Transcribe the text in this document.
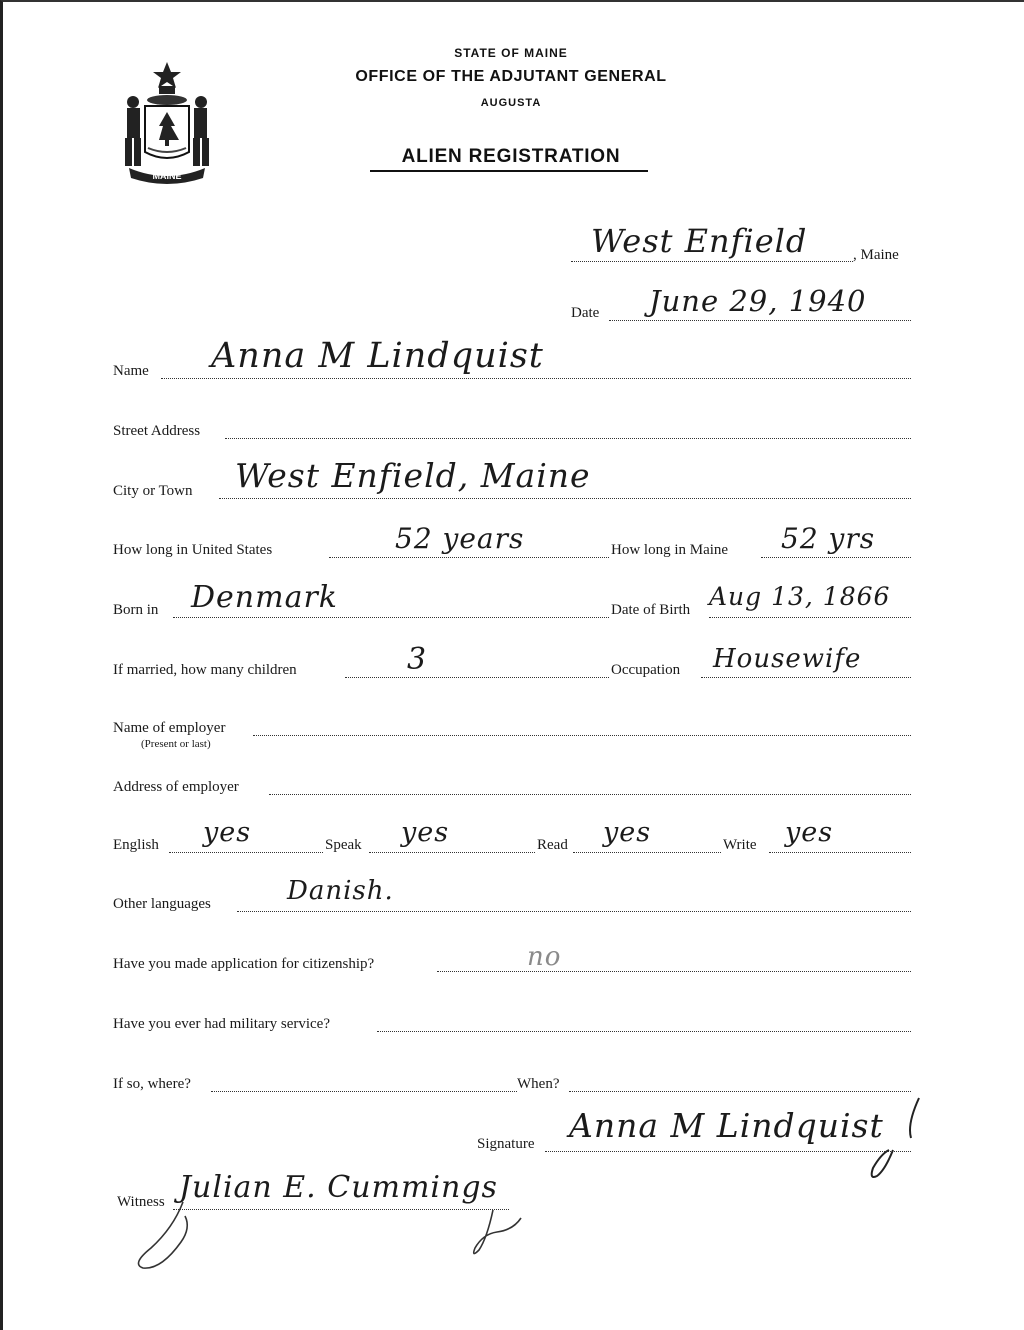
MAINE
STATE OF MAINE
OFFICE OF THE ADJUTANT GENERAL
AUGUSTA
ALIEN REGISTRATION
West Enfield	, Maine
Date June 29, 1940
Name Anna M Lindquist
Street Address
City or Town West Enfield, Maine
How long in United States	52 years	How long in Maine 52 yrs
Born in Denmark	Date of Birth Aug 13, 1866
If married, how many children	3	Occupation Housewife
Name of employer
(Present or last)
Address of employer
English yes	Speak yes	Read yes	Write yes
Other languages	Danish.
Have you made application for citizenship?	no
Have you ever had military service?
If so, where?	When?
Signature Anna M Lindquist
Witness Julian E. Cummings
